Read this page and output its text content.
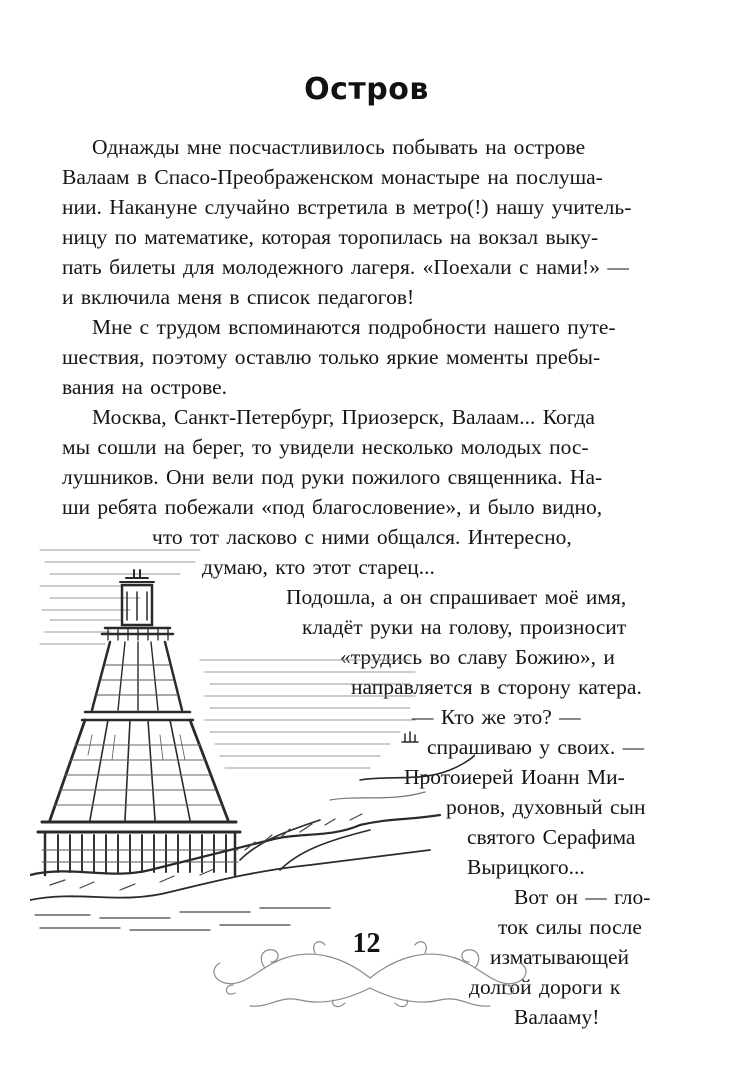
Остров
Однажды мне посчастливилось побывать на острове
Валаам в Спасо-Преображенском монастыре на послуша-
нии. Накануне случайно встретила в метро(!) нашу учитель-
ницу по математике, которая торопилась на вокзал выку-
пать билеты для молодежного лагеря. «Поехали с нами!» —
и включила меня в список педагогов!
Мне с трудом вспоминаются подробности нашего путе-
шествия, поэтому оставлю только яркие моменты пребы-
вания на острове.
Москва, Санкт-Петербург, Приозерск, Валаам... Когда
мы сошли на берег, то увидели несколько молодых пос-
лушников. Они вели под руки пожилого священника. На-
ши ребята побежали «под благословение», и было видно,
что тот ласково с ними общался. Интересно,
думаю, кто этот старец...
Подошла, а он спрашивает моё имя,
кладёт руки на голову, произносит
«трудись во славу Божию», и
направляется в сторону катера.
— Кто же это? —
спрашиваю у своих. —
Протоиерей Иоанн Ми-
ронов, духовный сын
святого Серафима
Вырицкого...
Вот он — гло-
ток силы после
изматывающей
долгой дороги к
Валааму!
12
